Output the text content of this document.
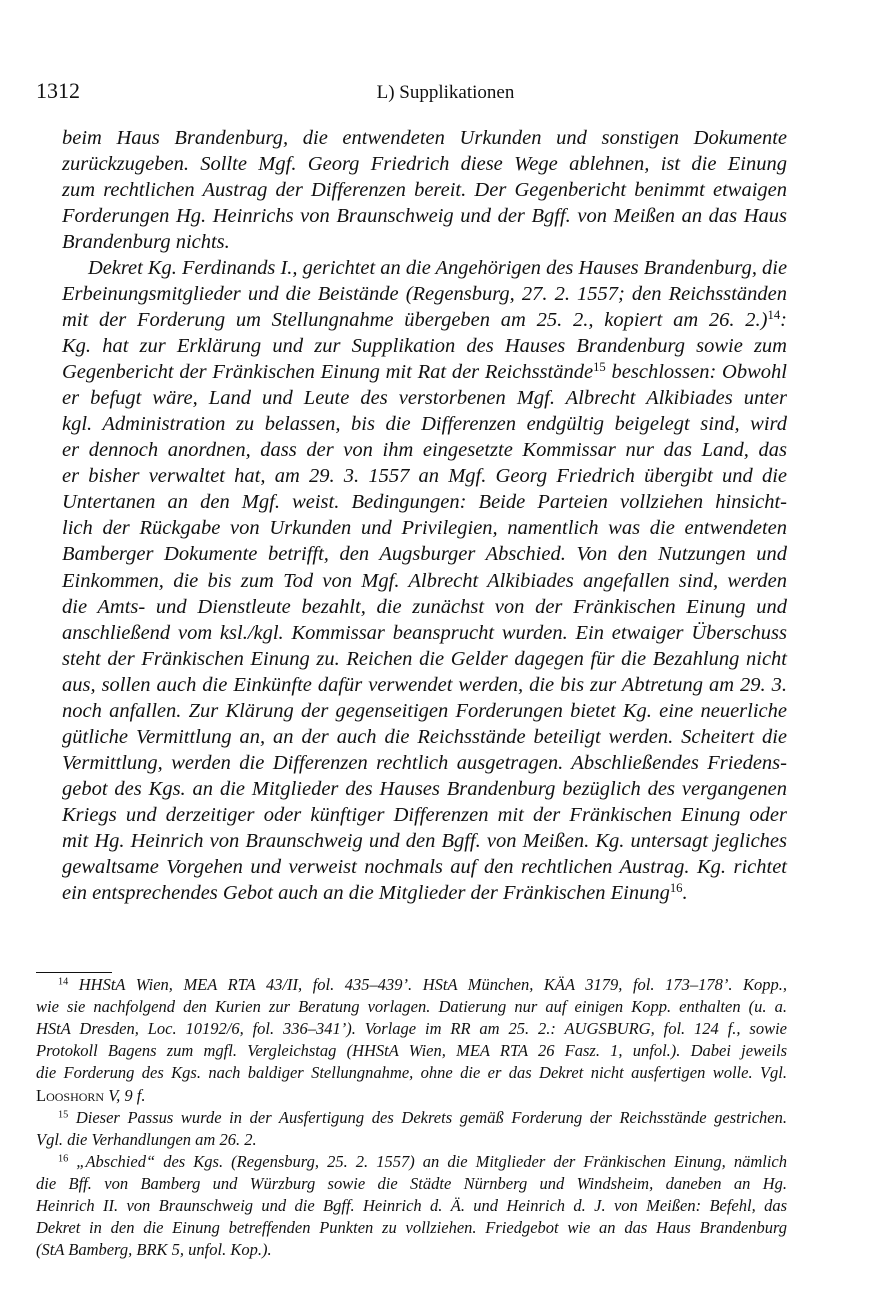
1312	L) Supplikationen
beim Haus Brandenburg, die entwendeten Urkunden und sonstigen Dokumente
zurückzugeben. Sollte Mgf. Georg Friedrich diese Wege ablehnen, ist die Einung
zum rechtlichen Austrag der Differenzen bereit. Der Gegenbericht benimmt etwaigen
Forderungen Hg. Heinrichs von Braunschweig und der Bgff. von Meißen an das Haus
Brandenburg nichts.
Dekret Kg. Ferdinands I., gerichtet an die Angehörigen des Hauses Brandenburg, die
Erbeinungsmitglieder und die Beistände (Regensburg, 27. 2. 1557; den Reichsständen
mit der Forderung um Stellungnahme übergeben am 25. 2., kopiert am 26. 2.)$^{14}$:
Kg. hat zur Erklärung und zur Supplikation des Hauses Brandenburg sowie zum
Gegenbericht der Fränkischen Einung mit Rat der Reichsstände$^{15}$ beschlossen: Obwohl
er befugt wäre, Land und Leute des verstorbenen Mgf. Albrecht Alkibiades unter
kgl. Administration zu belassen, bis die Differenzen endgültig beigelegt sind, wird
er dennoch anordnen, dass der von ihm eingesetzte Kommissar nur das Land, das
er bisher verwaltet hat, am 29. 3. 1557 an Mgf. Georg Friedrich übergibt und die
Untertanen an den Mgf. weist. Bedingungen: Beide Parteien vollziehen hinsicht-
lich der Rückgabe von Urkunden und Privilegien, namentlich was die entwendeten
Bamberger Dokumente betrifft, den Augsburger Abschied. Von den Nutzungen und
Einkommen, die bis zum Tod von Mgf. Albrecht Alkibiades angefallen sind, werden
die Amts- und Dienstleute bezahlt, die zunächst von der Fränkischen Einung und
anschließend vom ksl./kgl. Kommissar beansprucht wurden. Ein etwaiger Überschuss
steht der Fränkischen Einung zu. Reichen die Gelder dagegen für die Bezahlung nicht
aus, sollen auch die Einkünfte dafür verwendet werden, die bis zur Abtretung am 29. 3.
noch anfallen. Zur Klärung der gegenseitigen Forderungen bietet Kg. eine neuerliche
gütliche Vermittlung an, an der auch die Reichsstände beteiligt werden. Scheitert die
Vermittlung, werden die Differenzen rechtlich ausgetragen. Abschließendes Friedens-
gebot des Kgs. an die Mitglieder des Hauses Brandenburg bezüglich des vergangenen
Kriegs und derzeitiger oder künftiger Differenzen mit der Fränkischen Einung oder
mit Hg. Heinrich von Braunschweig und den Bgff. von Meißen. Kg. untersagt jegliches
gewaltsame Vorgehen und verweist nochmals auf den rechtlichen Austrag. Kg. richtet
ein entsprechendes Gebot auch an die Mitglieder der Fränkischen Einung$^{16}$.
$^{14}$ HHStA Wien, MEA RTA 43/II, fol. 435–439’. HStA München, KÄA 3179, fol. 173–178’. Kopp.,
wie sie nachfolgend den Kurien zur Beratung vorlagen. Datierung nur auf einigen Kopp. enthalten (u. a.
HStA Dresden, Loc. 10192/6, fol. 336–341’). Vorlage im RR am 25. 2.: AUGSBURG, fol. 124 f., sowie
Protokoll Bagens zum mgfl. Vergleichstag (HHStA Wien, MEA RTA 26 Fasz. 1, unfol.). Dabei jeweils
die Forderung des Kgs. nach baldiger Stellungnahme, ohne die er das Dekret nicht ausfertigen wolle. Vgl.
Looshorn V, 9 f.
$^{15}$ Dieser Passus wurde in der Ausfertigung des Dekrets gemäß Forderung der Reichsstände gestrichen.
Vgl. die Verhandlungen am 26. 2.
$^{16}$ „Abschied“ des Kgs. (Regensburg, 25. 2. 1557) an die Mitglieder der Fränkischen Einung, nämlich
die Bff. von Bamberg und Würzburg sowie die Städte Nürnberg und Windsheim, daneben an Hg.
Heinrich II. von Braunschweig und die Bgff. Heinrich d. Ä. und Heinrich d. J. von Meißen: Befehl, das
Dekret in den die Einung betreffenden Punkten zu vollziehen. Friedgebot wie an das Haus Brandenburg
(StA Bamberg, BRK 5, unfol. Kop.).
